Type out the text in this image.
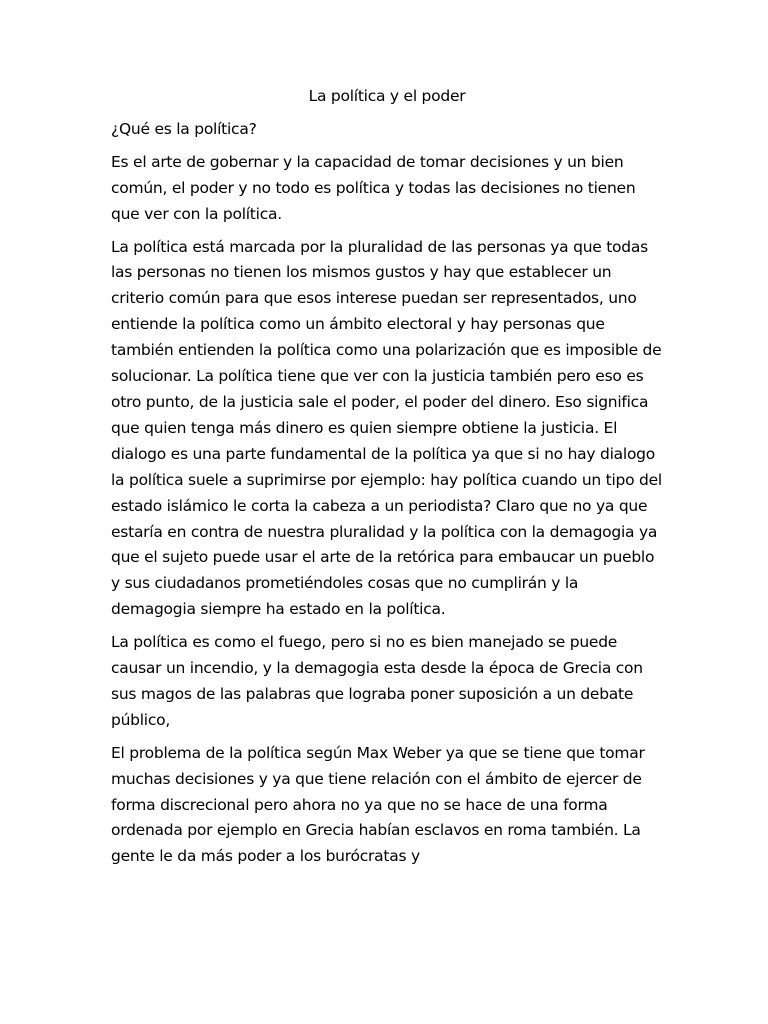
La política y el poder
¿Qué es la política?

Es el arte de gobernar y la capacidad de tomar decisiones y un bien común, el poder y no todo es política y todas las decisiones no tienen que ver con la política.

La política está marcada por la pluralidad de las personas ya que todas las personas no tienen los mismos gustos y hay que establecer un criterio común para que esos interese puedan ser representados, uno entiende la política como un ámbito electoral y hay personas que también entienden la política como una polarización que es imposible de solucionar. La política tiene que ver con la justicia también pero eso es otro punto, de la justicia sale el poder, el poder del dinero. Eso significa que quien tenga más dinero es quien siempre obtiene la justicia. El dialogo es una parte fundamental de la política ya que si no hay dialogo la política suele a suprimirse por ejemplo: hay política cuando un tipo del estado islámico le corta la cabeza a un periodista? Claro que no ya que estaría en contra de nuestra pluralidad y la política con la demagogia ya que el sujeto puede usar el arte de la retórica para embaucar un pueblo y sus ciudadanos prometiéndoles cosas que no cumplirán y la demagogia siempre ha estado en la política.

La política es como el fuego, pero si no es bien manejado se puede causar un incendio, y la demagogia esta desde la época de Grecia con sus magos de las palabras que lograba poner suposición a un debate público,

El problema de la política según Max Weber ya que se tiene que tomar muchas decisiones y ya que tiene relación con el ámbito de ejercer de forma discrecional pero ahora no ya que no se hace de una forma ordenada por ejemplo en Grecia habían esclavos en roma también. La gente le da más poder a los burócratas y
